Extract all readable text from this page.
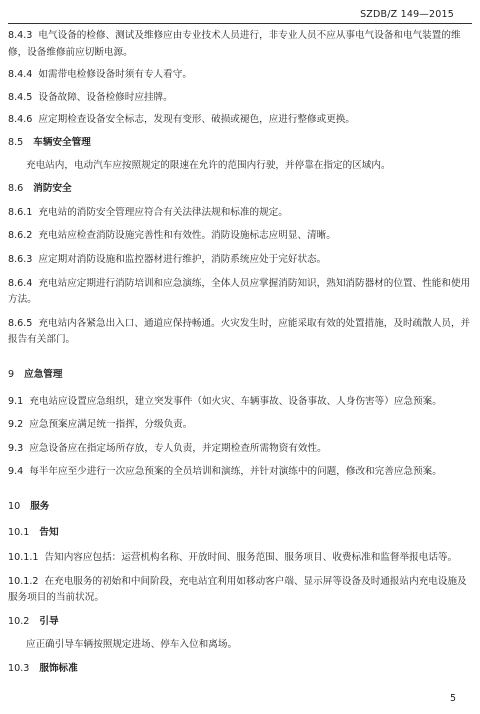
SZDB/Z 149—2015

8.4.3 电气设备的检修、测试及维修应由专业技术人员进行，非专业人员不应从事电气设备和电气装置的维修，设备维修前应切断电源。

8.4.4 如需带电检修设备时须有专人看守。

8.4.5 设备故障、设备检修时应挂牌。

8.4.6 应定期检查设备安全标志，发现有变形、破损或褪色，应进行整修或更换。

8.5 车辆安全管理

充电站内，电动汽车应按照规定的限速在允许的范围内行驶，并停靠在指定的区域内。

8.6 消防安全

8.6.1 充电站的消防安全管理应符合有关法律法规和标准的规定。

8.6.2 充电站应检查消防设施完善性和有效性。消防设施标志应明显、清晰。

8.6.3 应定期对消防设施和监控器材进行维护，消防系统应处于完好状态。

8.6.4 充电站应定期进行消防培训和应急演练，全体人员应掌握消防知识，熟知消防器材的位置、性能和使用方法。

8.6.5 充电站内各紧急出入口、通道应保持畅通。火灾发生时，应能采取有效的处置措施，及时疏散人员，并报告有关部门。

9 应急管理

9.1 充电站应设置应急组织，建立突发事件（如火灾、车辆事故、设备事故、人身伤害等）应急预案。

9.2 应急预案应满足统一指挥，分级负责。

9.3 应急设备应在指定场所存放，专人负责，并定期检查所需物资有效性。

9.4 每半年应至少进行一次应急预案的全员培训和演练，并针对演练中的问题，修改和完善应急预案。

10 服务

10.1 告知

10.1.1 告知内容应包括：运营机构名称、开放时间、服务范围、服务项目、收费标准和监督举报电话等。

10.1.2 在充电服务的初始和中间阶段，充电站宜利用如移动客户端、显示屏等设备及时通报站内充电设施及服务项目的当前状况。

10.2 引导

应正确引导车辆按照规定进场、停车入位和离场。

10.3 服饰标准

5
